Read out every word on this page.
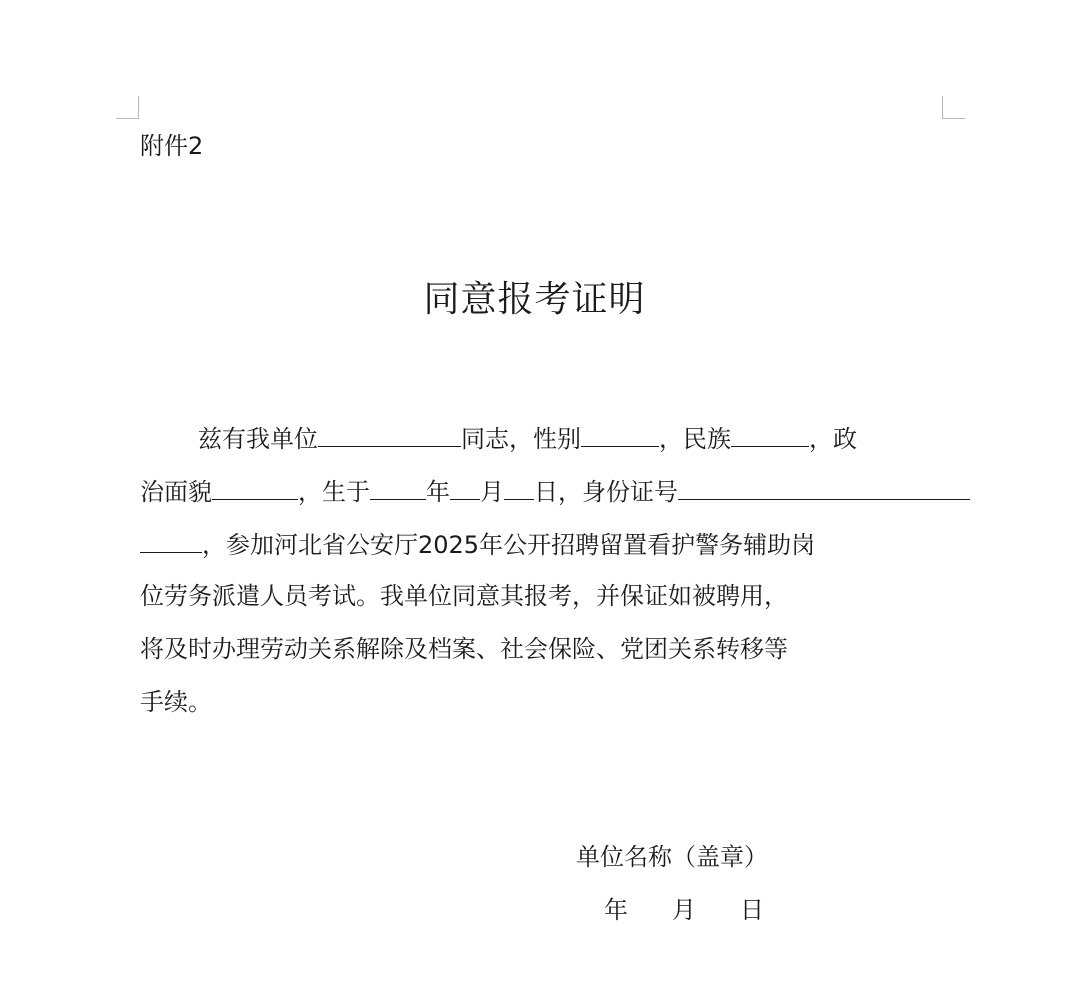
附件2
同意报考证明
兹有我单位	同志，性别	，民族	，政
治面貌	，生于 年 月 日，身份证号
，参加河北省公安厅2025年公开招聘留置看护警务辅助岗
位劳务派遣人员考试。我单位同意其报考，并保证如被聘用，
将及时办理劳动关系解除及档案、社会保险、党团关系转移等
手续。
单位名称（盖章）
年 月 日
